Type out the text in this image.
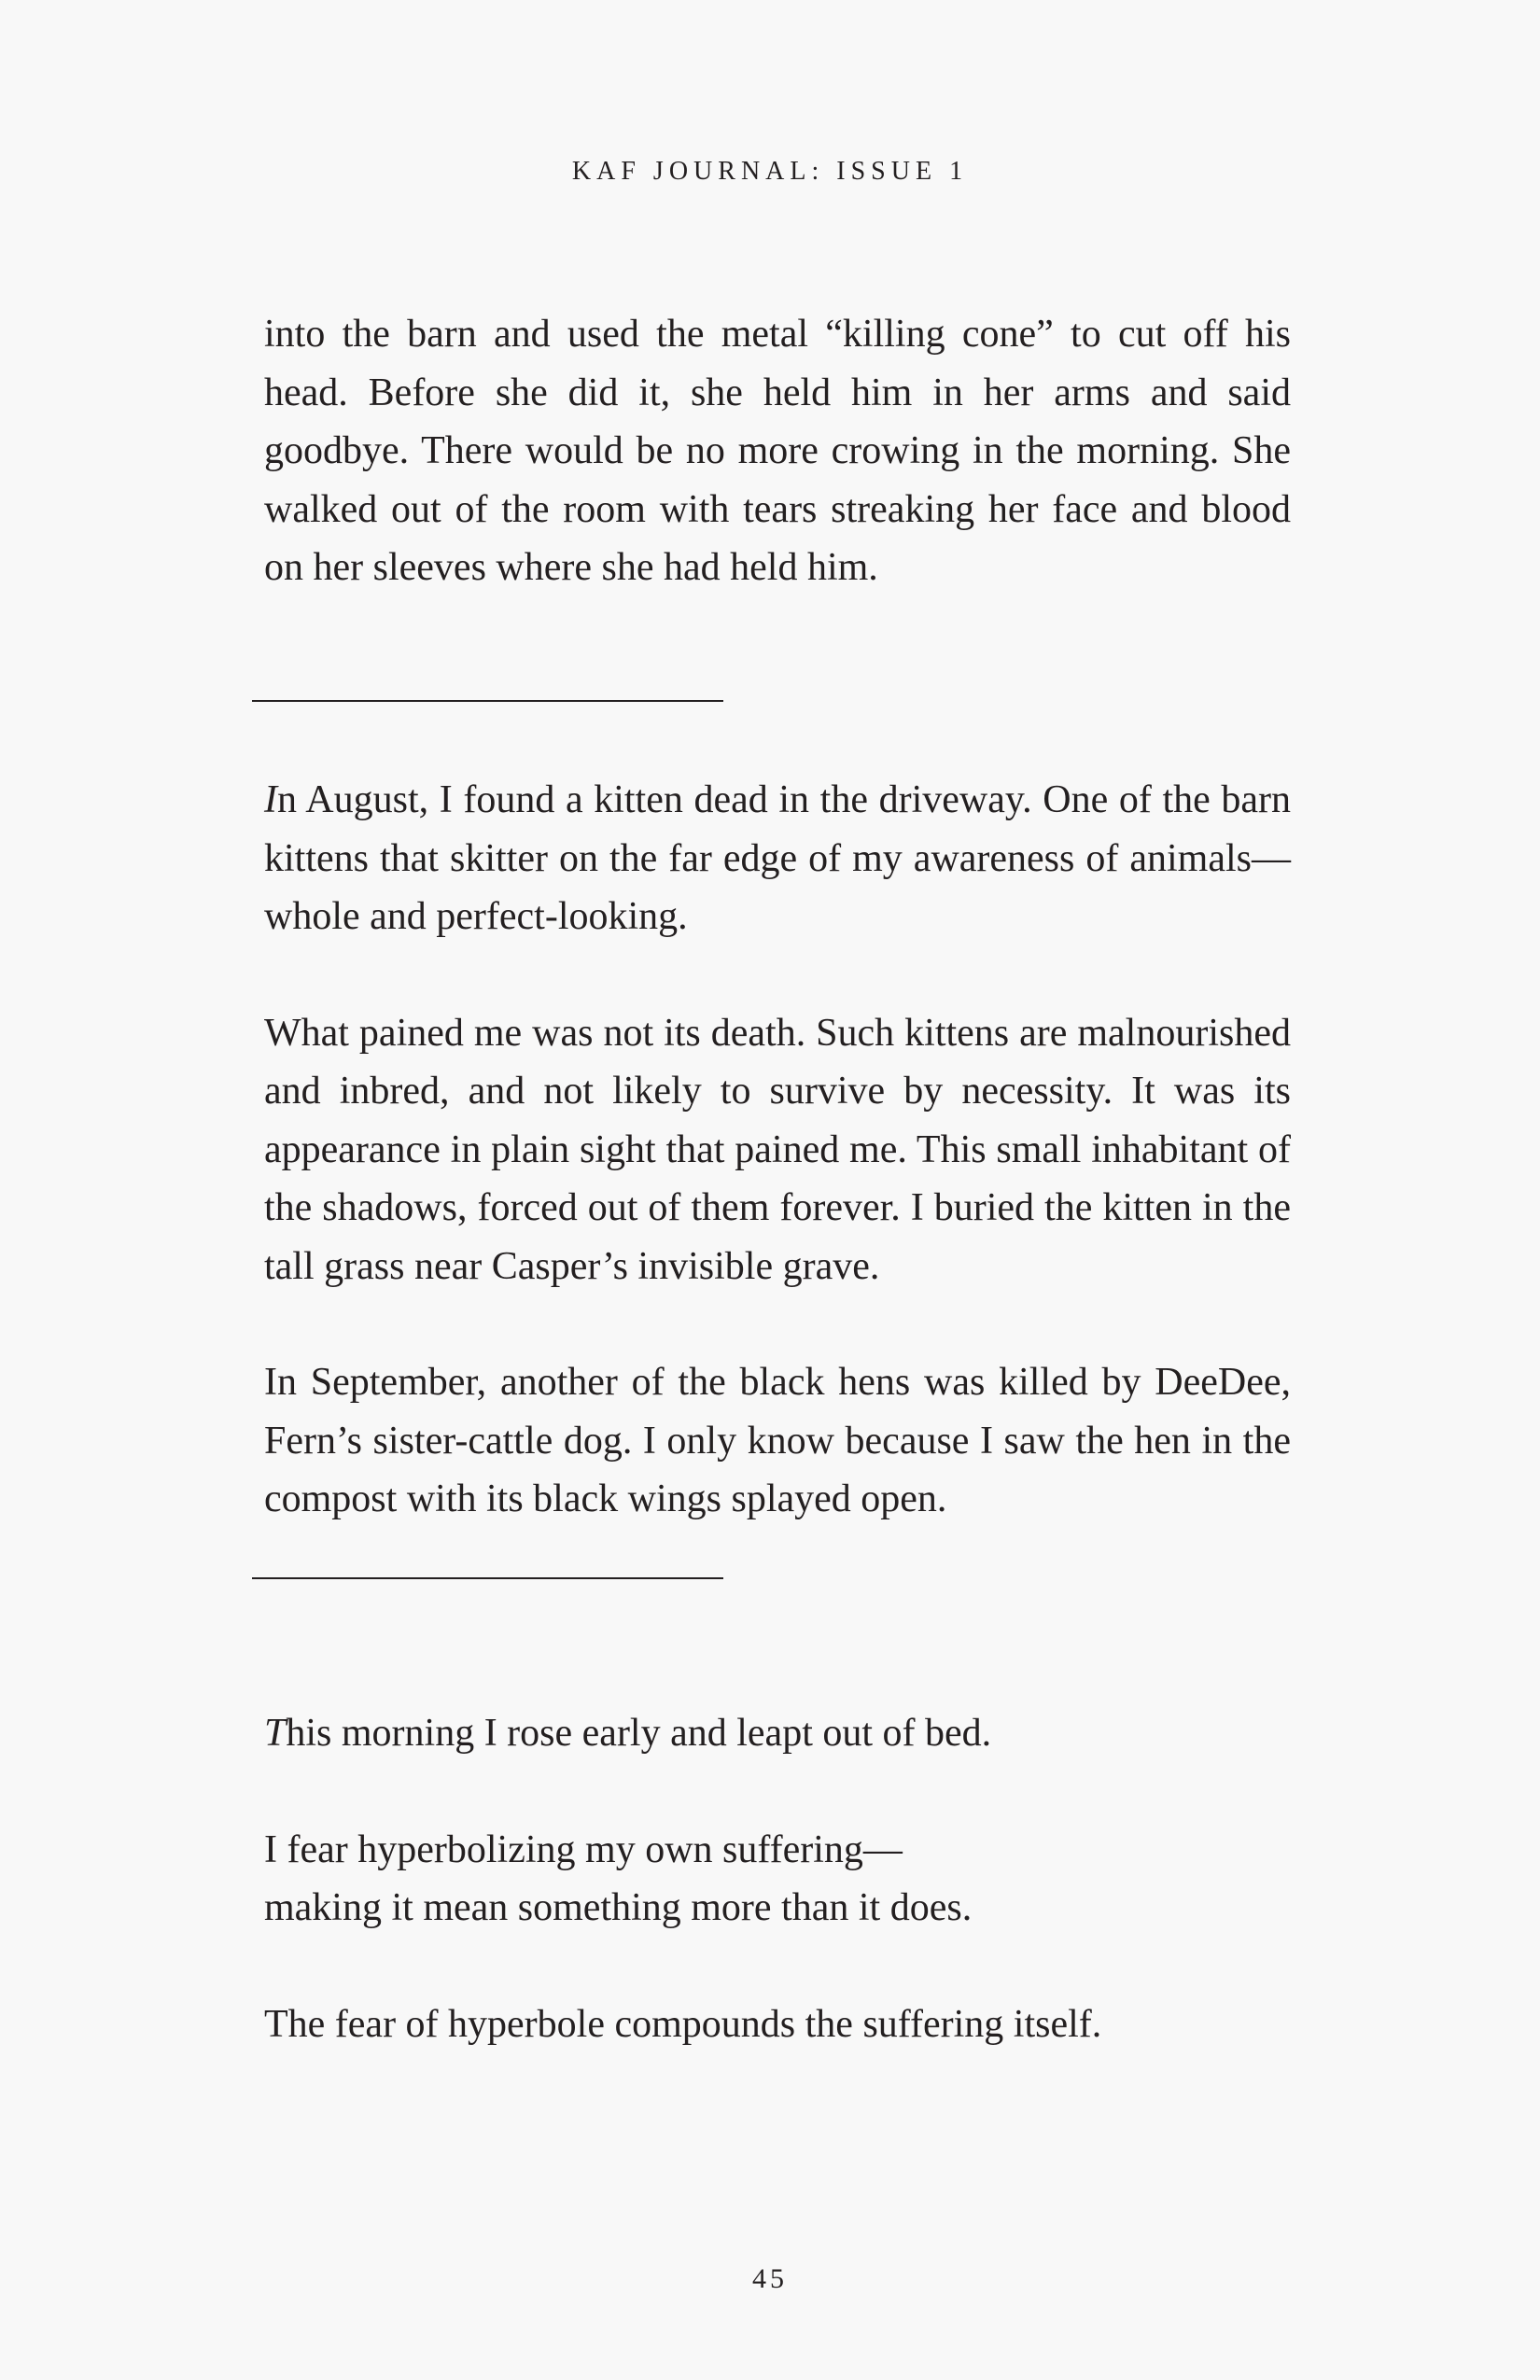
KAF JOURNAL: ISSUE 1

into the barn and used the metal “killing cone” to cut off his head. Before she did it, she held him in her arms and said goodbye. There would be no more crowing in the morning. She walked out of the room with tears streaking her face and blood on her sleeves where she had held him.

In August, I found a kitten dead in the driveway. One of the barn kittens that skitter on the far edge of my awareness of animals—whole and perfect-looking.

What pained me was not its death. Such kittens are malnourished and inbred, and not likely to survive by necessity. It was its appearance in plain sight that pained me. This small inhabitant of the shadows, forced out of them forever. I buried the kitten in the tall grass near Casper’s invisible grave.

In September, another of the black hens was killed by DeeDee, Fern’s sister-cattle dog. I only know because I saw the hen in the compost with its black wings splayed open.

This morning I rose early and leapt out of bed.

I fear hyperbolizing my own suffering—
making it mean something more than it does.

The fear of hyperbole compounds the suffering itself.

45
